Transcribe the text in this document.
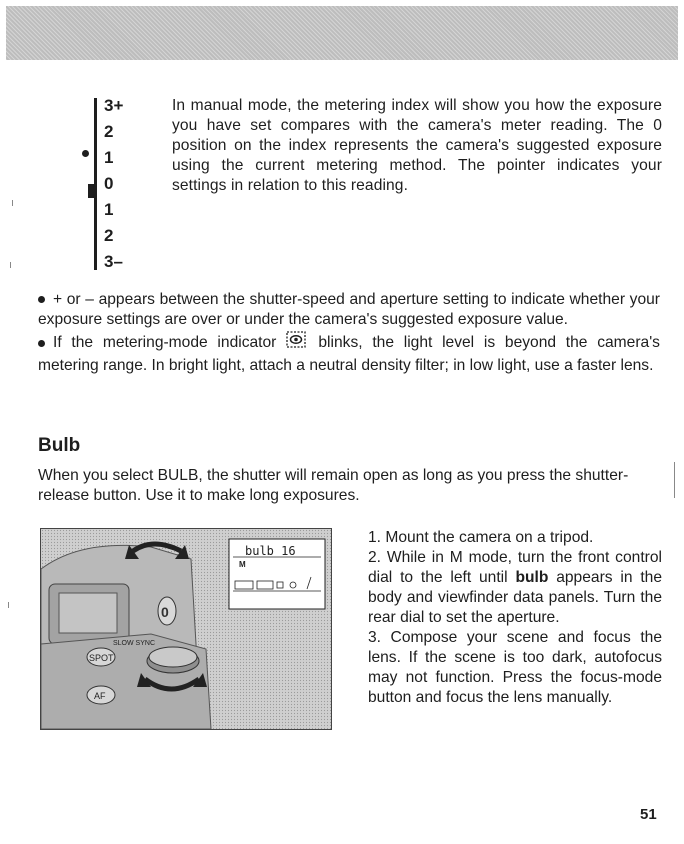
3+
2
1
0
1
2
3–

In manual mode, the metering index will show you how the exposure you have set compares with the camera's meter reading. The 0 position on the index represents the camera's suggested exposure using the current metering method. The pointer indicates your settings in relation to this reading.

+ or – appears between the shutter-speed and aperture setting to indicate whether your exposure settings are over or under the camera's suggested exposure value.

If the metering-mode indicator	blinks, the light level is beyond the camera's metering range. In bright light, attach a neutral density filter; in low light, use a faster lens.

Bulb

When you select BULB, the shutter will remain open as long as you press the shutter-release button. Use it to make long exposures.

0
SPOT
AF
SLOW SYNC
bulb 16
M
1. Mount the camera on a tripod.
2. While in M mode, turn the front control dial to the left until bulb appears in the body and viewfinder data panels. Turn the rear dial to set the aperture.
3. Compose your scene and focus the lens. If the scene is too dark, autofocus may not function. Press the focus-mode button and focus the lens manually.
51
